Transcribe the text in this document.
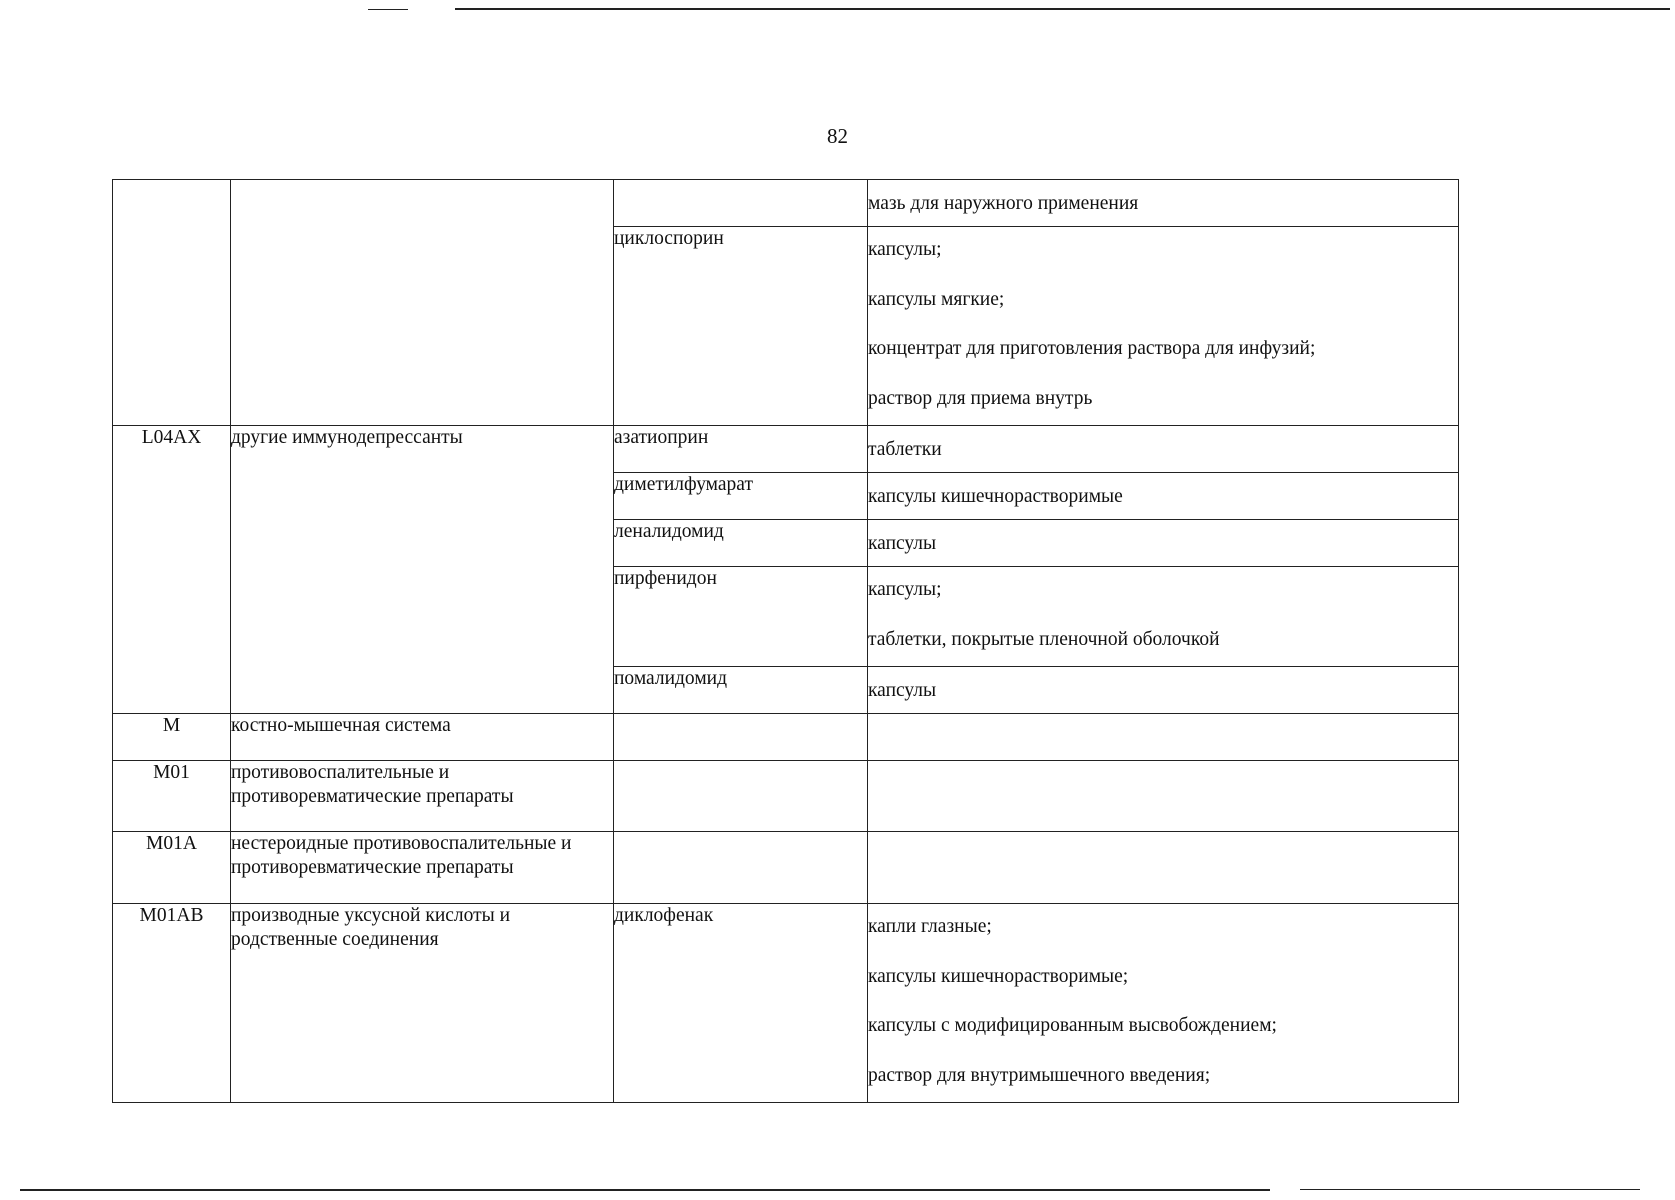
82

			мазь для наружного применения

		циклоспорин	капсулы;
капсулы мягкие;
концентрат для приготовления раствора для инфузий;
раствор для приема внутрь

L04AX	другие иммунодепрессанты	азатиоприн	таблетки

		диметилфумарат	капсулы кишечнорастворимые

		леналидомид	капсулы

		пирфенидон	капсулы;
таблетки, покрытые пленочной оболочкой

		помалидомид	капсулы

M	костно-мышечная система		
M01	противовоспалительные и противоревматические препараты		
M01A	нестероидные противовоспалительные и противоревматические препараты		
M01AB	производные уксусной кислоты и родственные соединения	диклофенак	капли глазные;
капсулы кишечнорастворимые;
капсулы с модифицированным высвобождением;
раствор для внутримышечного введения;
